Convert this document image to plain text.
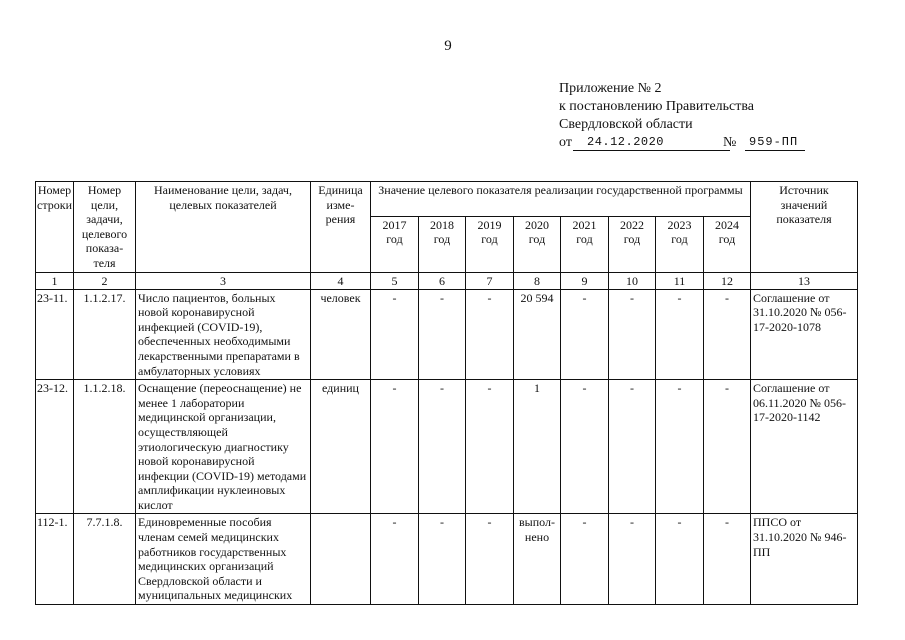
9
Приложение № 2
к постановлению Правительства
Свердловской области
от	24.12.2020	№	959-ПП
Номер строки	Номер цели, задачи, целевого показа-теля	Наименование цели, задач, целевых показателей	Единица изме-рения	Значение целевого показателя реализации государственной программы								Источник значений показателя
				2017 год	2018 год	2019 год	2020 год	2021 год	2022 год	2023 год	2024 год	
1	2	3	4	5	6	7	8	9	10	11	12	13
23-11.	1.1.2.17.	Число пациентов, больных новой коронавирусной инфекцией (COVID-19), обеспеченных необходимыми лекарственными препаратами в амбулаторных условиях	человек	-	-	-	20 594	-	-	-	-	Соглашение от 31.10.2020 № 056-17-2020-1078
23-12.	1.1.2.18.	Оснащение (переоснащение) не менее 1 лаборатории медицинской организации, осуществляющей этиологическую диагностику новой коронавирусной инфекции (COVID-19) методами амплификации нуклеиновых кислот	единиц	-	-	-	1	-	-	-	-	Соглашение от 06.11.2020 № 056-17-2020-1142
112-1.	7.7.1.8.	Единовременные пособия членам семей медицинских работников государственных медицинских организаций Свердловской области и муниципальных медицинских		-	-	-	выпол-нено	-	-	-	-	ППСО от 31.10.2020 № 946-ПП
